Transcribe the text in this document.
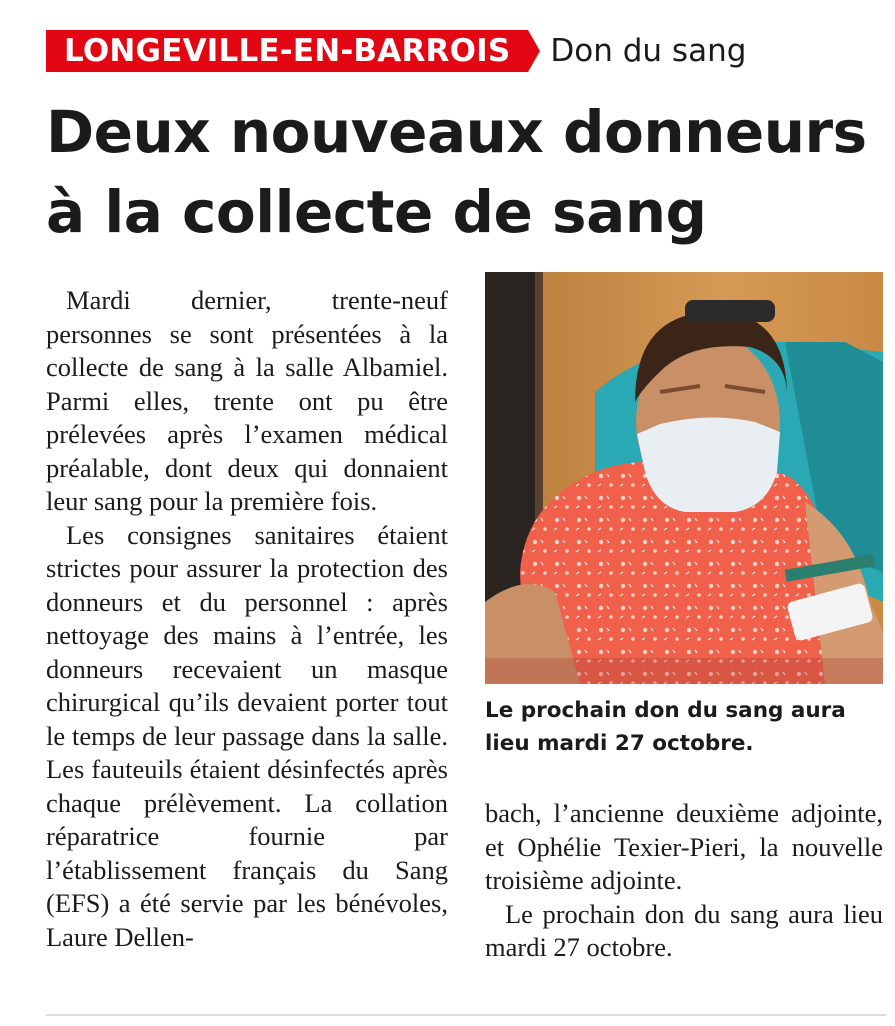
LONGEVILLE-EN-BARROIS	Don du sang
Deux nouveaux donneurs
à la collecte de sang

Mardi dernier, trente-neuf personnes se sont présentées à la collecte de sang à la salle Albamiel. Parmi elles, trente ont pu être prélevées après l’examen médical préalable, dont deux qui donnaient leur sang pour la première fois.

Les consignes sanitaires étaient strictes pour assurer la protection des donneurs et du personnel : après nettoyage des mains à l’entrée, les donneurs recevaient un masque chirurgical qu’ils devaient porter tout le temps de leur passage dans la salle. Les fauteuils étaient désinfectés après chaque prélèvement. La collation réparatrice fournie par l’établissement français du Sang (EFS) a été servie par les bénévoles, Laure Dellen-

Le prochain don du sang aura lieu mardi 27 octobre.

bach, l’ancienne deuxième adjointe, et Ophélie Texier-Pieri, la nouvelle troisième adjointe.

Le prochain don du sang aura lieu mardi 27 octobre.
